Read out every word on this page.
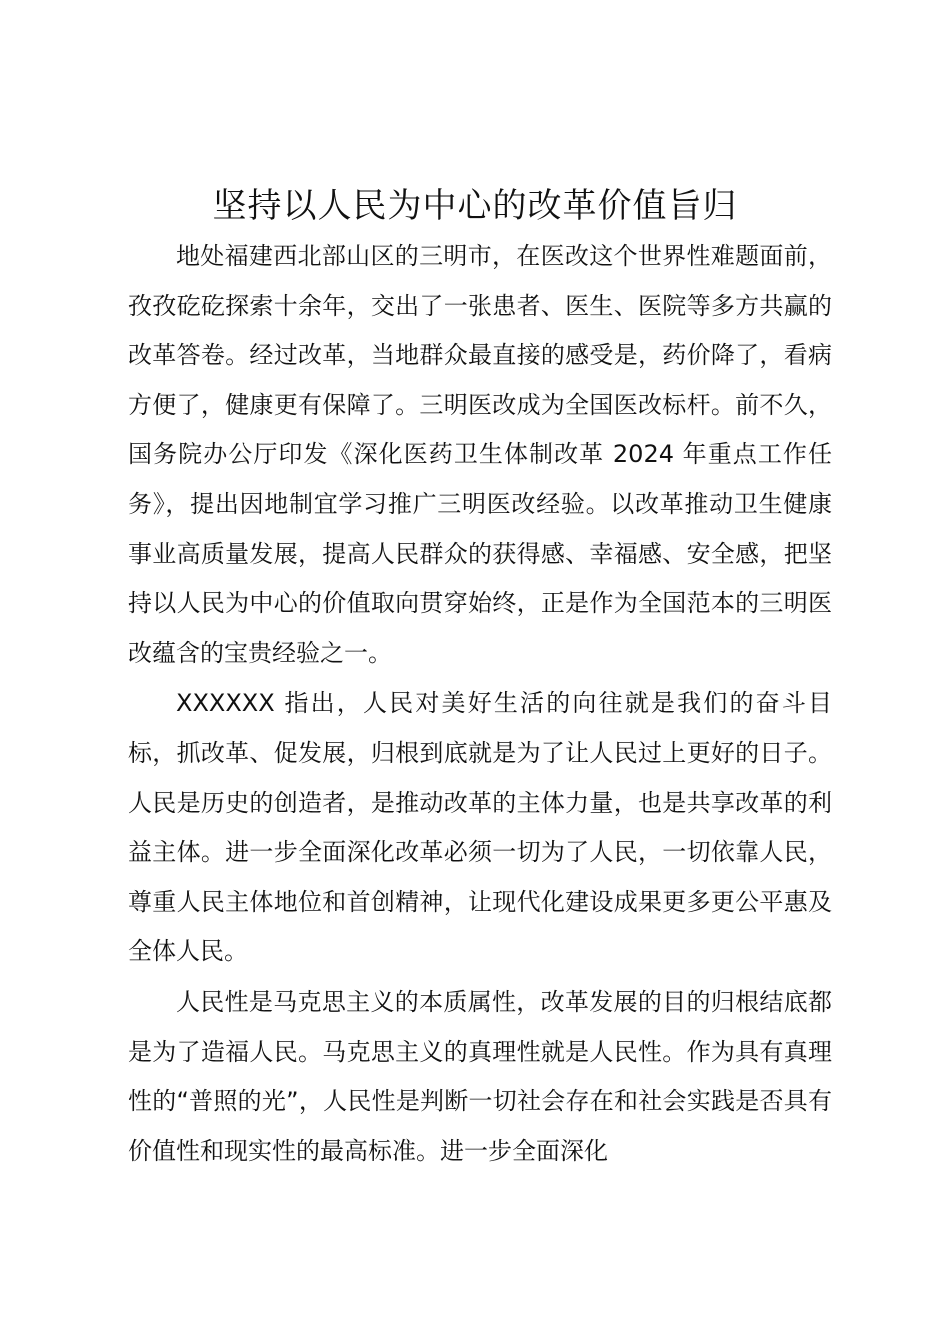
坚持以人民为中心的改革价值旨归

地处福建西北部山区的三明市，在医改这个世界性难题面前，孜孜矻矻探索十余年，交出了一张患者、医生、医院等多方共赢的改革答卷。经过改革，当地群众最直接的感受是，药价降了，看病方便了，健康更有保障了。三明医改成为全国医改标杆。前不久，国务院办公厅印发《深化医药卫生体制改革 2024 年重点工作任务》，提出因地制宜学习推广三明医改经验。以改革推动卫生健康事业高质量发展，提高人民群众的获得感、幸福感、安全感，把坚持以人民为中心的价值取向贯穿始终，正是作为全国范本的三明医改蕴含的宝贵经验之一。

XXXXXX 指出，人民对美好生活的向往就是我们的奋斗目标，抓改革、促发展，归根到底就是为了让人民过上更好的日子。人民是历史的创造者，是推动改革的主体力量，也是共享改革的利益主体。进一步全面深化改革必须一切为了人民，一切依靠人民，尊重人民主体地位和首创精神，让现代化建设成果更多更公平惠及全体人民。

人民性是马克思主义的本质属性，改革发展的目的归根结底都是为了造福人民。马克思主义的真理性就是人民性。作为具有真理性的“普照的光”，人民性是判断一切社会存在和社会实践是否具有价值性和现实性的最高标准。进一步全面深化
